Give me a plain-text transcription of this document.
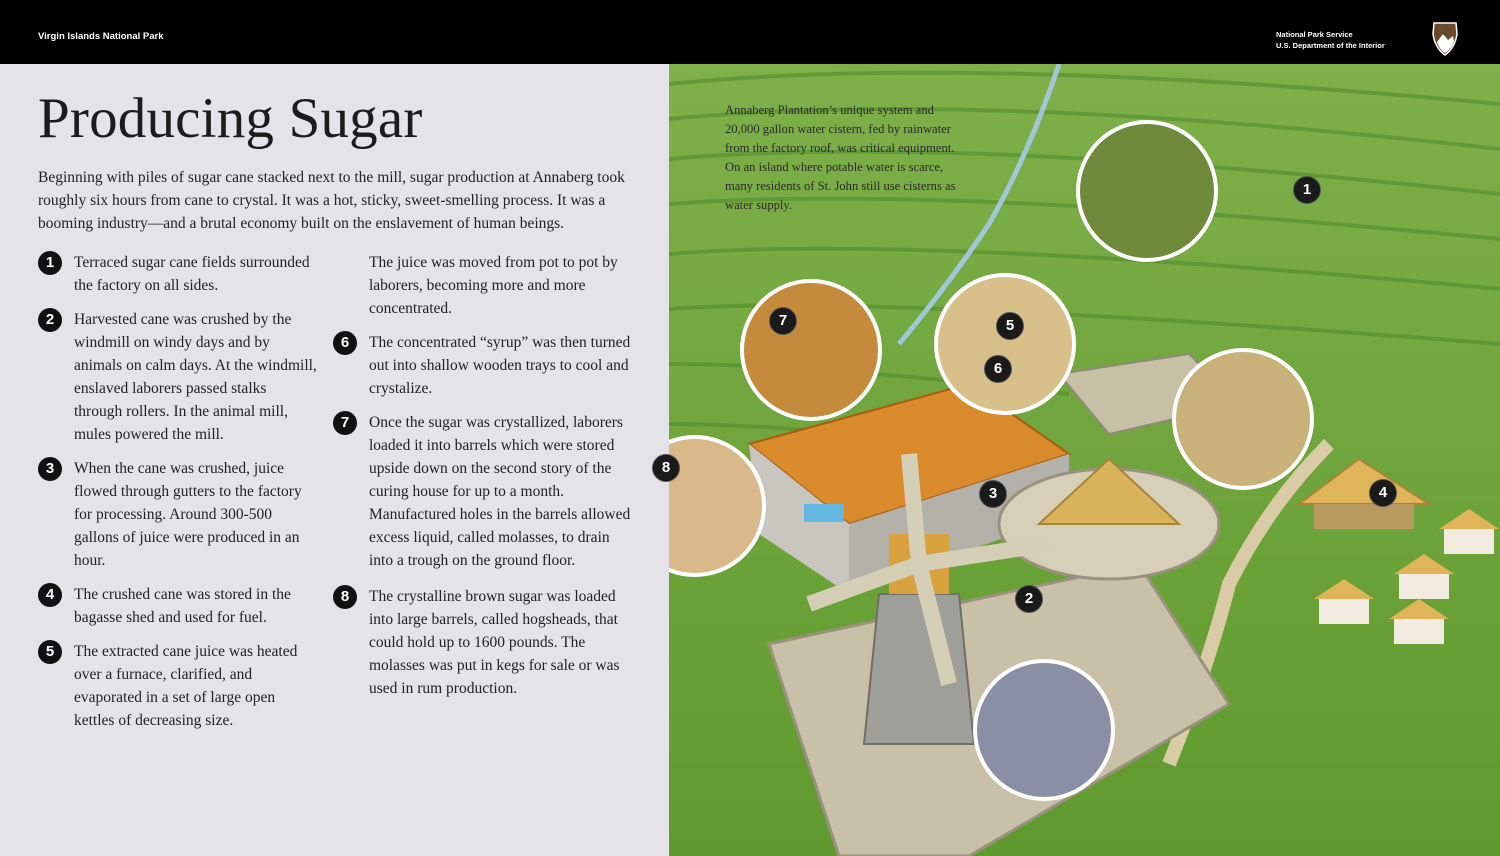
Virgin Islands National Park	National Park Service
U.S. Department of the Interior
Producing Sugar
Beginning with piles of sugar cane stacked next to the mill, sugar production at Annaberg took roughly six hours from cane to crystal. It was a hot, sticky, sweet-smelling process. It was a booming industry—and a brutal economy built on the enslavement of human beings.
1	Terraced sugar cane fields surrounded the factory on all sides.
2	Harvested cane was crushed by the windmill on windy days and by animals on calm days. At the windmill, enslaved laborers passed stalks through rollers. In the animal mill, mules powered the mill.
3	When the cane was crushed, juice flowed through gutters to the factory for processing. Around 300-500 gallons of juice were produced in an hour.
4	The crushed cane was stored in the bagasse shed and used for fuel.
5	The extracted cane juice was heated over a furnace, clarified, and evaporated in a set of large open kettles of decreasing size.
The juice was moved from pot to pot by laborers, becoming more and more concentrated.
6	The concentrated “syrup” was then turned out into shallow wooden trays to cool and crystalize.
7	Once the sugar was crystallized, laborers loaded it into barrels which were stored upside down on the second story of the curing house for up to a month. Manufactured holes in the barrels allowed excess liquid, called molasses, to drain into a trough on the ground floor.
8	The crystalline brown sugar was loaded into large barrels, called hogsheads, that could hold up to 1600 pounds. The molasses was put in kegs for sale or was used in rum production.
Annaberg Plantation’s unique system and 20,000 gallon water cistern, fed by rainwater from the factory roof, was critical equipment. On an island where potable water is scarce, many residents of St. John still use cisterns as water supply.
1
2
3	4
5
6
7
8
